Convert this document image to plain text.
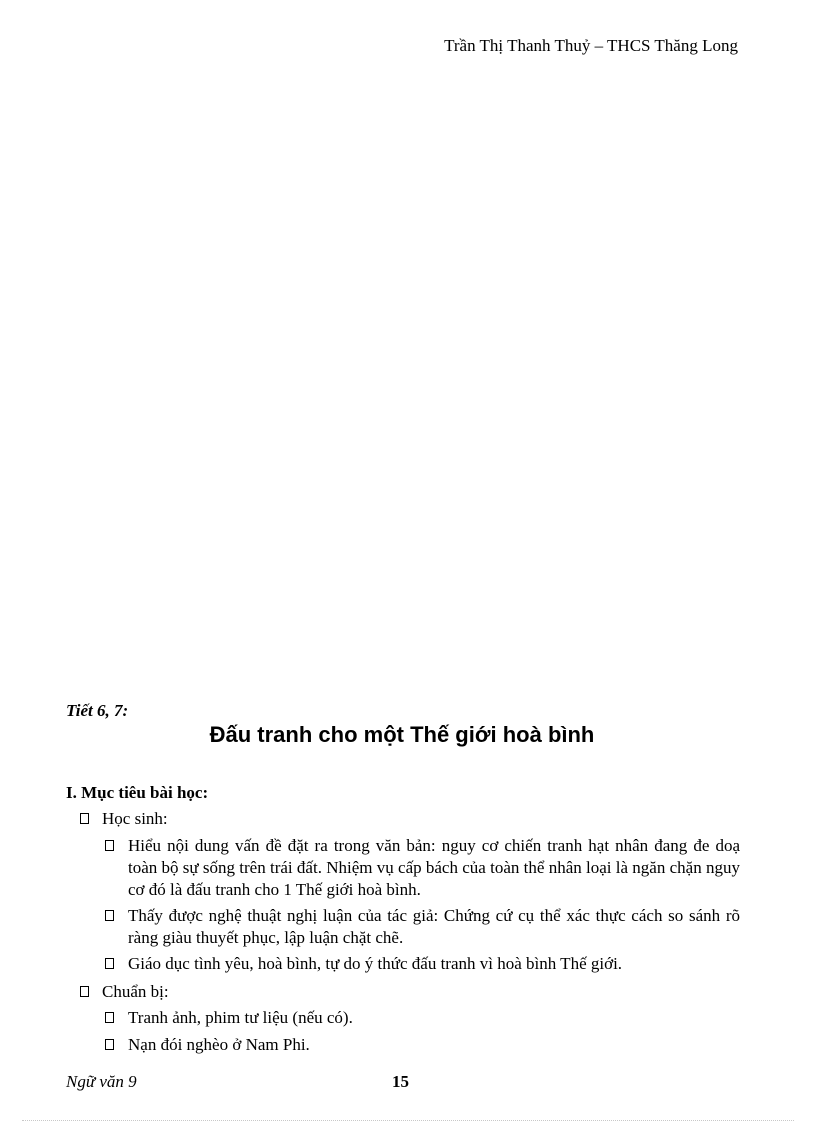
Trần Thị Thanh Thuỷ – THCS Thăng Long
Tiết 6, 7:
Đấu tranh cho một Thế giới hoà bình
I. Mục tiêu bài học:
Học sinh:
Hiểu nội dung vấn đề đặt ra trong văn bản: nguy cơ chiến tranh hạt nhân đang đe doạ toàn bộ sự sống trên trái đất. Nhiệm vụ cấp bách của toàn thể nhân loại là ngăn chặn nguy cơ đó là đấu tranh cho 1 Thế giới hoà bình.
Thấy được nghệ thuật nghị luận của tác giả: Chứng cứ cụ thể xác thực cách so sánh rõ ràng giàu thuyết phục, lập luận chặt chẽ.
Giáo dục tình yêu, hoà bình, tự do ý thức đấu tranh vì hoà bình Thế giới.
Chuẩn bị:
Tranh ảnh, phim tư liệu (nếu có).
Nạn đói nghèo ở Nam Phi.
Ngữ văn 9	15
